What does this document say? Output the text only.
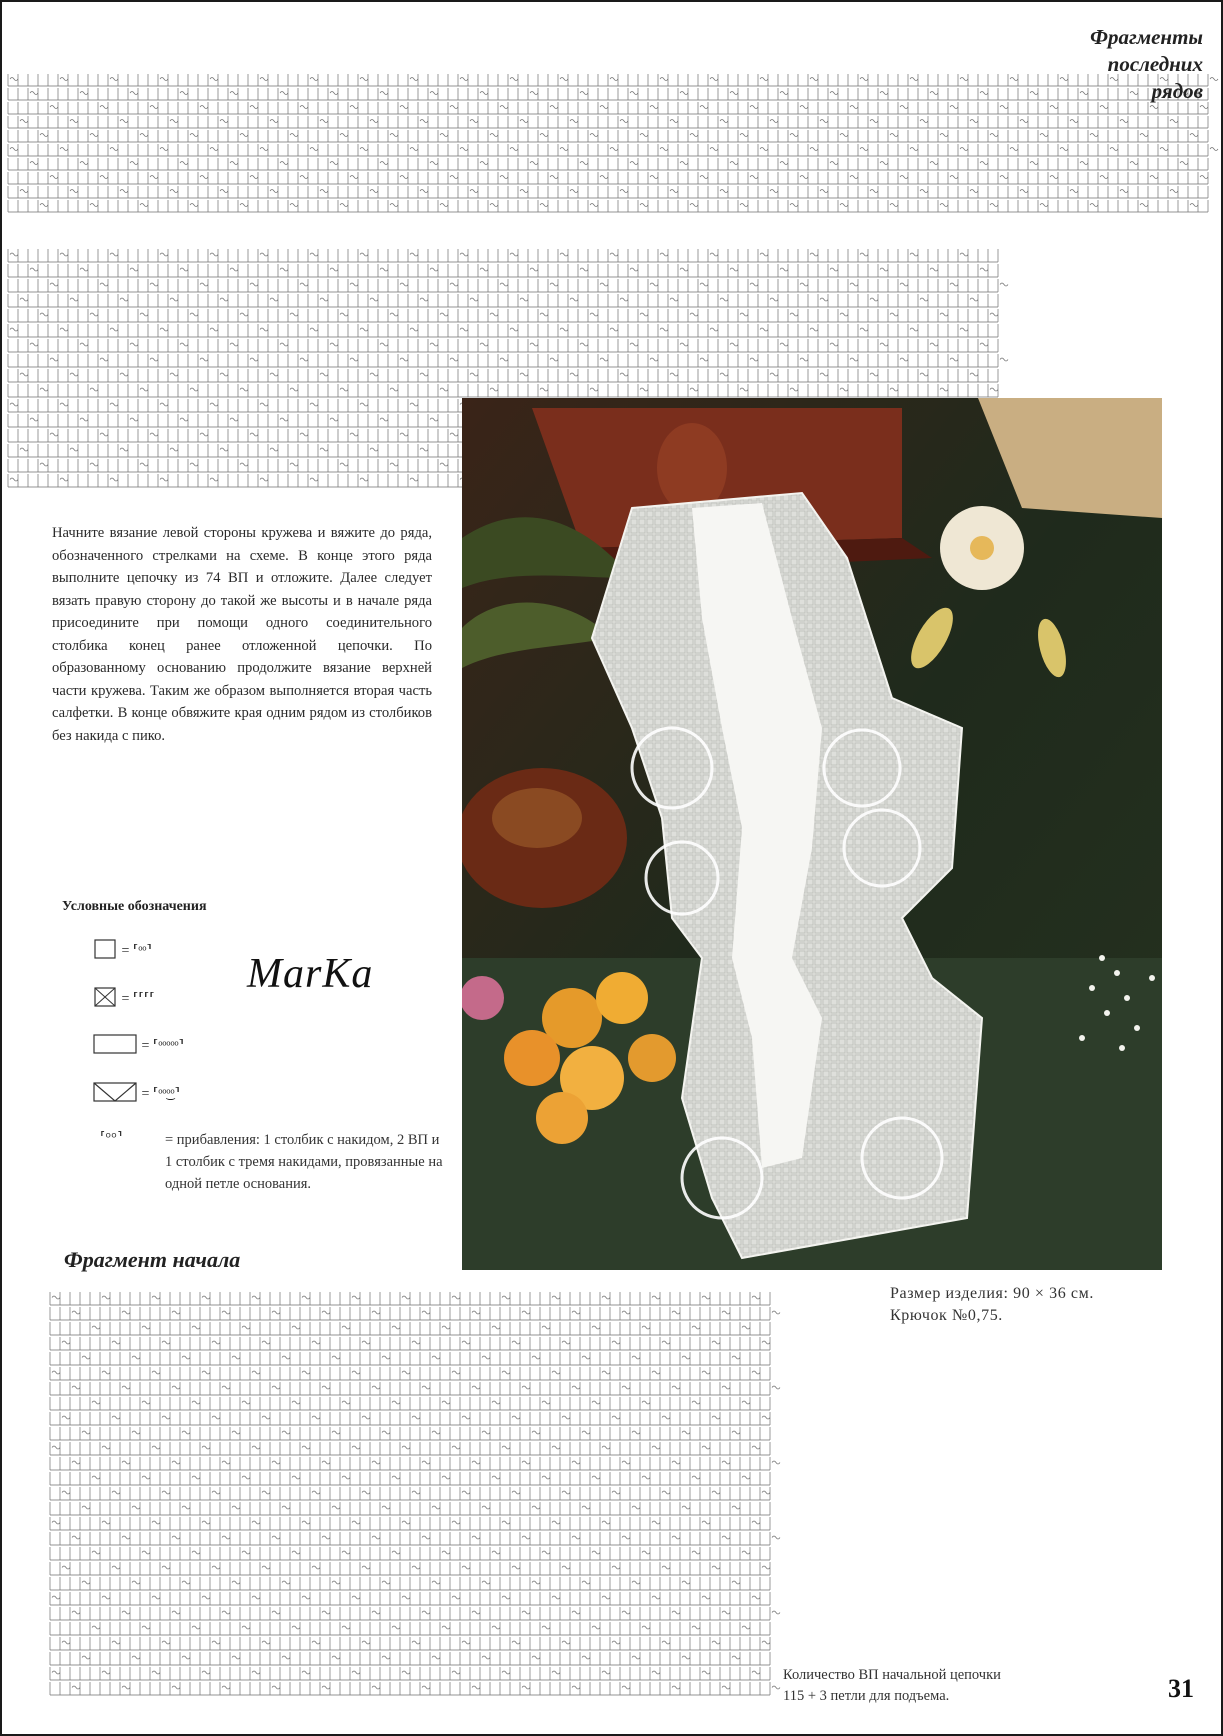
Фрагменты
последних
рядов
Начните вязание левой стороны кружева и вяжите до ряда, обозначенного стрелками на схеме. В конце этого ряда выполните цепочку из 74 ВП и отложите. Далее следует вязать правую сторону до такой же высоты и в начале ряда присоедините при помощи одного соединительного столбика конец ранее отложенной цепочки. По образованному основанию продолжите вязание верхней части кружева. Таким же образом выполняется вторая часть салфетки. В конце обвяжите края одним рядом из столбиков без накида с пико.
Условные обозначения
= ⸢ᵒᵒ⸣
= ⸢⸢⸢⸢
= ⸢ᵒᵒᵒᵒᵒ⸣
= ⸢ᵒᵒ͜ᵒᵒ⸣
⸢ᵒᵒ⸣	= прибавления: 1 столбик с накидом, 2 ВП и 1 столбик с тремя накидами, провязанные на одной петле основания.
MarKa
Фрагмент начала
Размер изделия: 90 × 36 см.
Крючок №0,75.
Количество ВП начальной цепочки
115 + 3 петли для подъема.	31
